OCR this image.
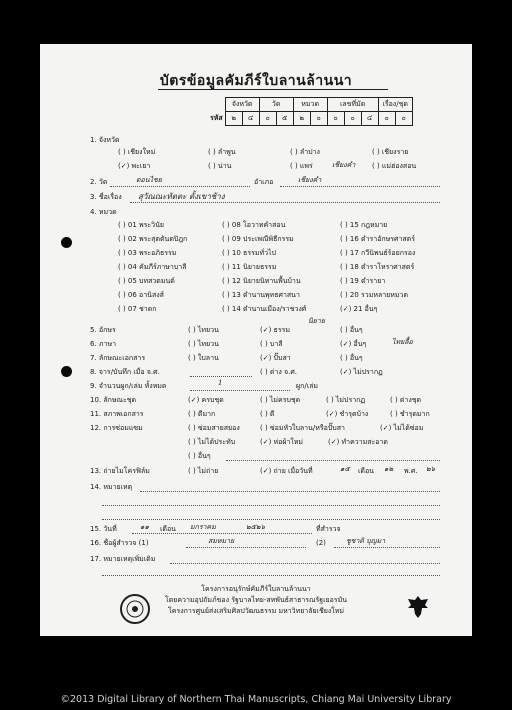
บัตรข้อมูลคัมภีร์ใบลานล้านนา
	จังหวัด		วัด		หมวด		เลขที่มัด			เรื่อง/ชุด	
รหัส	๒	๔	๐	๕	๒	๐	๐	๐	๔	๐	๐
1. จังหวัด
( ) เชียงใหม่	( ) ลำพูน	( ) ลำปาง	( ) เชียงราย
(✓) พะเยา	( ) น่าน	( ) แพร่	เชียงคำ ( ) แม่ฮ่องสอน
2. วัด	ดอนไชย	อำเภอ	เชียงคำ
3. ชื่อเรื่อง สุวัณณะทัตตะ ตั้งเขาช้าง
4. หมวด
( ) 01 พระวินัย
( ) 02 พระสุตตันตปิฎก
( ) 03 พระอภิธรรม
( ) 04 คัมภีร์ภาษาบาลี
( ) 05 บทสวดมนต์
( ) 06 อานิสงส์
( ) 07 ชาดก
( ) 08 โอวาทคำสอน
( ) 09 ประเพณีพิธีกรรม
( ) 10 ธรรมทั่วไป
( ) 11 นิยายธรรม
( ) 12 นิยายนิทานพื้นบ้าน
( ) 13 ตำนานพุทธศาสนา
( ) 14 ตำนานเมือง/ราชวงศ์
( ) 15 กฎหมาย
( ) 16 ตำราอักษรศาสตร์
( ) 17 กวีนิพนธ์ร้อยกรอง
( ) 18 ตำราโหราศาสตร์
( ) 19 ตำรายา
( ) 20 รวมหลายหมวด
(✓) 21 อื่นๆ
นิยาย
5. อักษร	( ) ไทยวน	(✓) ธรรม	( ) อื่นๆ
6. ภาษา	( ) ไทยวน	( ) บาลี	(✓) อื่นๆ	ไทยลื้อ
7. ลักษณะเอกสาร	( ) ใบลาน	(✓) ปั๊บสา	( ) อื่นๆ
8. จาร/บันทึก เมื่อ จ.ศ.	( ) ต่าง จ.ศ.	(✓) ไม่ปรากฏ
9. จำนวนผูก/เล่ม ทั้งหมด	1	ผูก/เล่ม
10. ลักษณะชุด	(✓) ครบชุด	( ) ไม่ครบชุด	( ) ไม่ปรากฏ	( ) ต่างชุด
11. สภาพเอกสาร	( ) ดีมาก	( ) ดี	(✓) ชำรุดบ้าง	( ) ชำรุดมาก
12. การซ่อมแซม	( ) ซ่อมสายสยอง	( ) ซ่อมหัวใบลาน/หรือปั๊บสา	(✓) ไม่ได้ซ่อม
( ) ไม่ได้ประทับ	(✓) ห่อผ้าใหม่	(✓) ทำความสะอาด
( ) อื่นๆ
13. ถ่ายไมโครฟิล์ม	( ) ไม่ถ่าย	(✓) ถ่าย เมื่อวันที่	๑๕ เดือน ๑๒ พ.ศ. ๒๖
14. หมายเหตุ
15. วันที่	๑๑ เดือน มกราคม	๒๕๒๖	ที่สำรวจ
16. ชื่อผู้สำรวจ (1)	สมหมาย	(2)	ชูชาติ บุญมา
17. หมายเหตุเพิ่มเติม
โครงการอนุรักษ์คัมภีร์ใบลานล้านนา
โดยความอุปถัมภ์ของ รัฐบาลไทย-สหพันธ์สาธารณรัฐเยอรมัน
โครงการศูนย์ส่งเสริมศิลปวัฒนธรรม มหาวิทยาลัยเชียงใหม่
©2013 Digital Library of Northern Thai Manuscripts, Chiang Mai University Library
